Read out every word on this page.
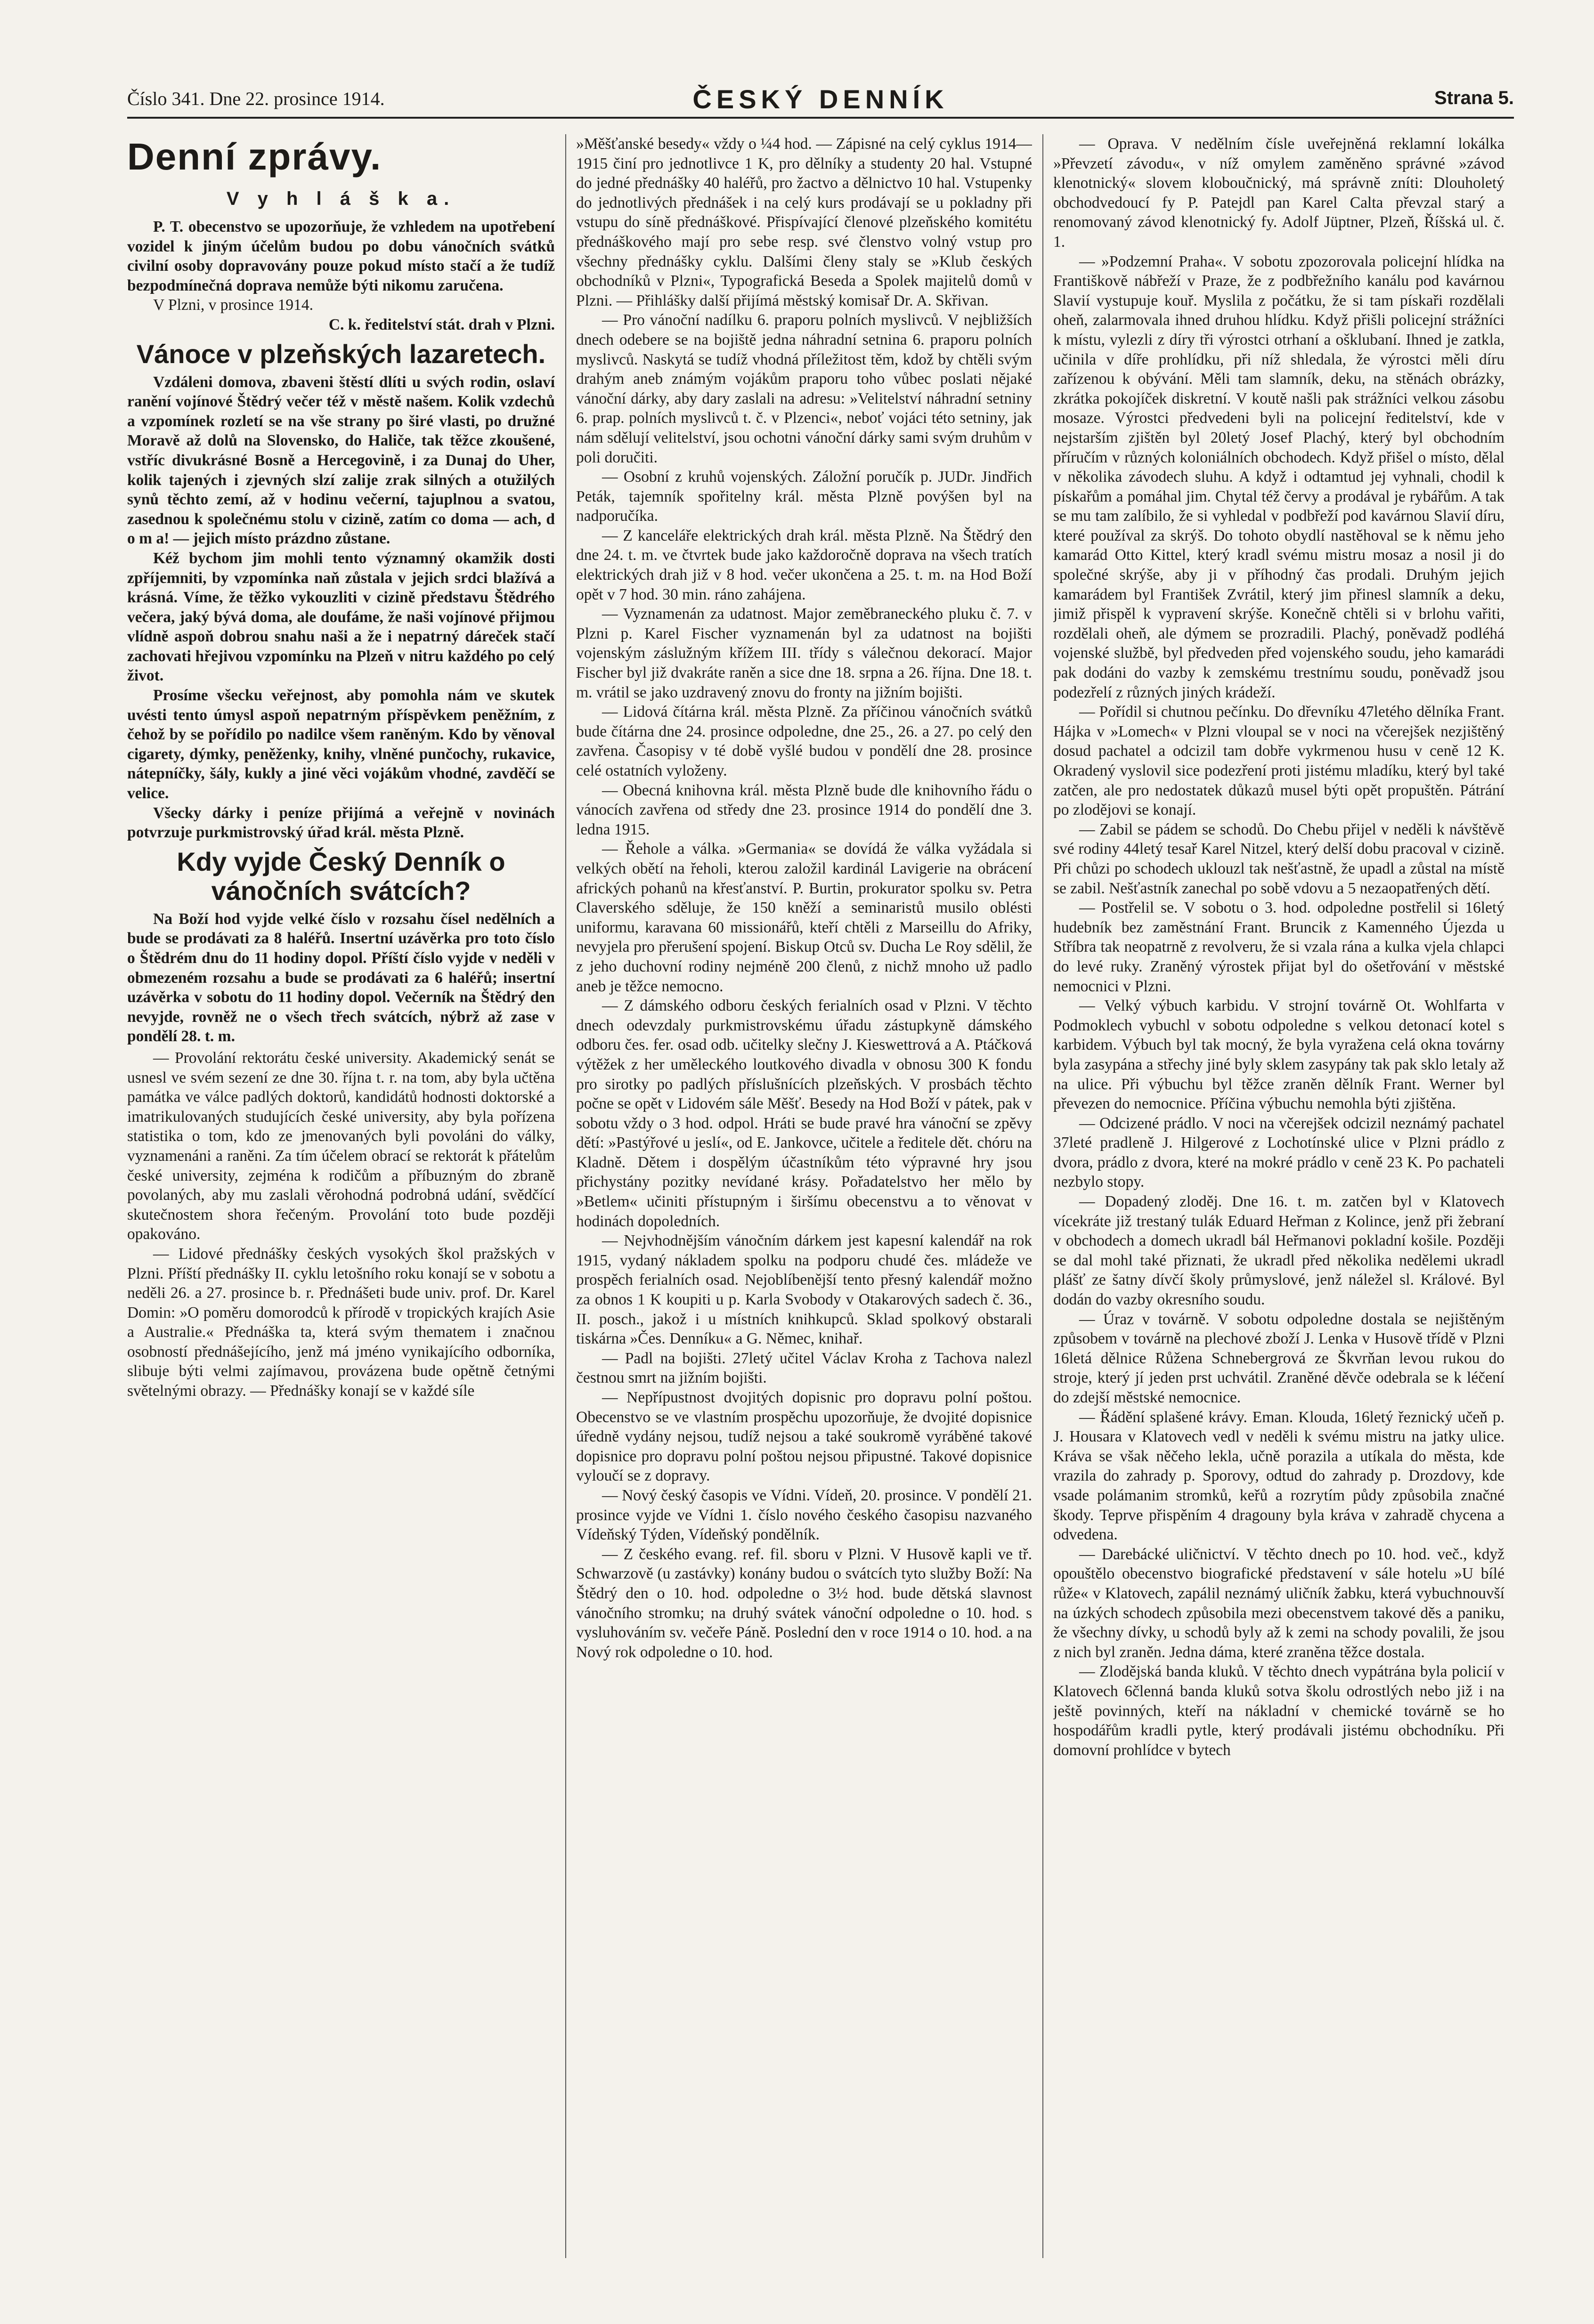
Číslo 341. Dne 22. prosince 1914.	ČESKÝ DENNÍK	Strana 5.
Denní zprávy.
V y h l á š k a.

P. T. obecenstvo se upozorňuje, že vzhledem na upotřebení vozidel k jiným účelům budou po dobu vánočních svátků civilní osoby dopravovány pouze pokud místo stačí a že tudíž bezpodmínečná doprava nemůže býti nikomu zaručena.

V Plzni, v prosince 1914.

C. k. ředitelství stát. drah v Plzni.

Vánoce v plzeňských lazaretech.

Vzdáleni domova, zbaveni štěstí dlíti u svých rodin, oslaví ranění vojínové Štědrý večer též v městě našem. Kolik vzdechů a vzpomínek rozletí se na vše strany po širé vlasti, po družné Moravě až dolů na Slovensko, do Haliče, tak těžce zkoušené, vstříc divukrásné Bosně a Hercegovině, i za Dunaj do Uher, kolik tajených i zjevných slzí zalije zrak silných a otužilých synů těchto zemí, až v hodinu večerní, tajuplnou a svatou, zasednou k společnému stolu v cizině, zatím co doma — ach, d o m a! — jejich místo prázdno zůstane.

Kéž bychom jim mohli tento významný okamžik dosti zpříjemniti, by vzpomínka naň zůstala v jejich srdci blažívá a krásná. Víme, že těžko vykouzliti v cizině představu Štědrého večera, jaký bývá doma, ale doufáme, že naši vojínové přijmou vlídně aspoň dobrou snahu naši a že i nepatrný dáreček stačí zachovati hřejivou vzpomínku na Plzeň v nitru každého po celý život.

Prosíme všecku veřejnost, aby pomohla nám ve skutek uvésti tento úmysl aspoň nepatrným příspěvkem peněžním, z čehož by se pořídilo po nadilce všem raněným. Kdo by věnoval cigarety, dýmky, peněženky, knihy, vlněné punčochy, rukavice, nátepníčky, šály, kukly a jiné věci vojákům vhodné, zavděčí se velice.

Všecky dárky i peníze přijímá a veřejně v novinách potvrzuje purkmistrovský úřad král. města Plzně.

Kdy vyjde Český Denník o vánočních svátcích?

Na Boží hod vyjde velké číslo v rozsahu čísel nedělních a bude se prodávati za 8 haléřů. Insertní uzávěrka pro toto číslo o Štědrém dnu do 11 hodiny dopol. Příští číslo vyjde v neděli v obmezeném rozsahu a bude se prodávati za 6 haléřů; insertní uzávěrka v sobotu do 11 hodiny dopol. Večerník na Štědrý den nevyjde, rovněž ne o všech třech svátcích, nýbrž až zase v pondělí 28. t. m.

— Provolání rektorátu české university. Akademický senát se usnesl ve svém sezení ze dne 30. října t. r. na tom, aby byla učtěna památka ve válce padlých doktorů, kandidátů hodnosti doktorské a imatrikulovaných studujících české university, aby byla pořízena statistika o tom, kdo ze jmenovaných byli povoláni do války, vyznamenáni a raněni. Za tím účelem obrací se rektorát k přátelům české university, zejména k rodičům a příbuzným do zbraně povolaných, aby mu zaslali věrohodná podrobná udání, svědčící skutečnostem shora řečeným. Provolání toto bude později opakováno.

— Lidové přednášky českých vysokých škol pražských v Plzni. Příští přednášky II. cyklu letošního roku konají se v sobotu a neděli 26. a 27. prosince b. r. Přednášeti bude univ. prof. Dr. Karel Domin: »O poměru domorodců k přírodě v tropických krajích Asie a Australie.« Přednáška ta, která svým thematem i značnou osobností přednášejícího, jenž má jméno vynikajícího odborníka, slibuje býti velmi zajímavou, provázena bude opětně četnými světelnými obrazy. — Přednášky konají se v každé síle

»Měšťanské besedy« vždy o ¼4 hod. — Zápisné na celý cyklus 1914—1915 činí pro jednotlivce 1 K, pro dělníky a studenty 20 hal. Vstupné do jedné přednášky 40 haléřů, pro žactvo a dělnictvo 10 hal. Vstupenky do jednotlivých přednášek i na celý kurs prodávají se u pokladny při vstupu do síně přednáškové. Přispívající členové plzeňského komitétu přednáškového mají pro sebe resp. své členstvo volný vstup pro všechny přednášky cyklu. Dalšími členy staly se »Klub českých obchodníků v Plzni«, Typografická Beseda a Spolek majitelů domů v Plzni. — Přihlášky další přijímá městský komisař Dr. A. Skřivan.

— Pro vánoční nadílku 6. praporu polních myslivců. V nejbližších dnech odebere se na bojiště jedna náhradní setnina 6. praporu polních myslivců. Naskytá se tudíž vhodná příležitost těm, kdož by chtěli svým drahým aneb známým vojákům praporu toho vůbec poslati nějaké vánoční dárky, aby dary zaslali na adresu: »Velitelství náhradní setniny 6. prap. polních myslivců t. č. v Plzenci«, neboť vojáci této setniny, jak nám sdělují velitelství, jsou ochotni vánoční dárky sami svým druhům v poli doručiti.

— Osobní z kruhů vojenských. Záložní poručík p. JUDr. Jindřich Peták, tajemník spořitelny král. města Plzně povýšen byl na nadporučíka.

— Z kanceláře elektrických drah král. města Plzně. Na Štědrý den dne 24. t. m. ve čtvrtek bude jako každoročně doprava na všech tratích elektrických drah již v 8 hod. večer ukončena a 25. t. m. na Hod Boží opět v 7 hod. 30 min. ráno zahájena.

— Vyznamenán za udatnost. Major zeměbraneckého pluku č. 7. v Plzni p. Karel Fischer vyznamenán byl za udatnost na bojišti vojenským záslužným křížem III. třídy s válečnou dekorací. Major Fischer byl již dvakráte raněn a sice dne 18. srpna a 26. října. Dne 18. t. m. vrátil se jako uzdravený znovu do fronty na jižním bojišti.

— Lidová čítárna král. města Plzně. Za příčinou vánočních svátků bude čítárna dne 24. prosince odpoledne, dne 25., 26. a 27. po celý den zavřena. Časopisy v té době vyšlé budou v pondělí dne 28. prosince celé ostatních vyloženy.

— Obecná knihovna král. města Plzně bude dle knihovního řádu o vánocích zavřena od středy dne 23. prosince 1914 do pondělí dne 3. ledna 1915.

— Řehole a válka. »Germania« se dovídá že válka vyžádala si velkých obětí na řeholi, kterou založil kardinál Lavigerie na obrácení afrických pohanů na křesťanství. P. Burtin, prokurator spolku sv. Petra Claverského sděluje, že 150 kněží a seminaristů musilo oblésti uniformu, karavana 60 missionářů, kteří chtěli z Marseillu do Afriky, nevyjela pro přerušení spojení. Biskup Otců sv. Ducha Le Roy sdělil, že z jeho duchovní rodiny nejméně 200 členů, z nichž mnoho už padlo aneb je těžce nemocno.

— Z dámského odboru českých ferialních osad v Plzni. V těchto dnech odevzdaly purkmistrovskému úřadu zástupkyně dámského odboru čes. fer. osad odb. učitelky slečny J. Kieswettrová a A. Ptáčková výtěžek z her uměleckého loutkového divadla v obnosu 300 K fondu pro sirotky po padlých příslušnících plzeňských. V prosbách těchto počne se opět v Lidovém sále Měšť. Besedy na Hod Boží v pátek, pak v sobotu vždy o 3 hod. odpol. Hráti se bude pravé hra vánoční se zpěvy dětí: »Pastýřové u jeslí«, od E. Jankovce, učitele a ředitele dět. chóru na Kladně. Dětem i dospělým účastníkům této výpravné hry jsou přichystány pozitky nevídané krásy. Pořadatelstvo her mělo by »Betlem« učiniti přístupným i širšímu obecenstvu a to věnovat v hodinách dopoledních.

— Nejvhodnějším vánočním dárkem jest kapesní kalendář na rok 1915, vydaný nákladem spolku na podporu chudé čes. mládeže ve prospěch ferialních osad. Nejoblíbenější tento přesný kalendář možno za obnos 1 K koupiti u p. Karla Svobody v Otakarových sadech č. 36., II. posch., jakož i u místních knihkupců. Sklad spolkový obstarali tiskárna »Čes. Denníku« a G. Němec, knihař.

— Padl na bojišti. 27letý učitel Václav Kroha z Tachova nalezl čestnou smrt na jižním bojišti.

— Nepřípustnost dvojitých dopisnic pro dopravu polní poštou. Obecenstvo se ve vlastním prospěchu upozorňuje, že dvojité dopisnice úředně vydány nejsou, tudíž nejsou a také soukromě vyráběné takové dopisnice pro dopravu polní poštou nejsou připustné. Takové dopisnice vyloučí se z dopravy.

— Nový český časopis ve Vídni. Vídeň, 20. prosince. V pondělí 21. prosince vyjde ve Vídni 1. číslo nového českého časopisu nazvaného Vídeňský Týden, Vídeňský pondělník.

— Z českého evang. ref. fil. sboru v Plzni. V Husově kapli ve tř. Schwarzově (u zastávky) konány budou o svátcích tyto služby Boží: Na Štědrý den o 10. hod. odpoledne o 3½ hod. bude dětská slavnost vánočního stromku; na druhý svátek vánoční odpoledne o 10. hod. s vysluhováním sv. večeře Páně. Poslední den v roce 1914 o 10. hod. a na Nový rok odpoledne o 10. hod.

— Oprava. V nedělním čísle uveřejněná reklamní lokálka »Převzetí závodu«, v níž omylem zaměněno správné »závod klenotnický« slovem kloboučnický, má správně zníti: Dlouholetý obchodvedoucí fy P. Patejdl pan Karel Calta převzal starý a renomovaný závod klenotnický fy. Adolf Jüptner, Plzeň, Říšská ul. č. 1.

— »Podzemní Praha«. V sobotu zpozorovala policejní hlídka na Františkově nábřeží v Praze, že z podbřežního kanálu pod kavárnou Slavií vystupuje kouř. Myslila z počátku, že si tam pískaři rozdělali oheň, zalarmovala ihned druhou hlídku. Když přišli policejní strážníci k místu, vylezli z díry tři výrostci otrhaní a ošklubaní. Ihned je zatkla, učinila v díře prohlídku, při níž shledala, že výrostci měli díru zařízenou k obývání. Měli tam slamník, deku, na stěnách obrázky, zkrátka pokojíček diskretní. V koutě našli pak strážníci velkou zásobu mosaze. Výrostci předvedeni byli na policejní ředitelství, kde v nejstarším zjištěn byl 20letý Josef Plachý, který byl obchodním příručím v různých koloniálních obchodech. Když přišel o místo, dělal v několika závodech sluhu. A když i odtamtud jej vyhnali, chodil k pískařům a pomáhal jim. Chytal též červy a prodával je rybářům. A tak se mu tam zalíbilo, že si vyhledal v podbřeží pod kavárnou Slavií díru, které používal za skrýš. Do tohoto obydlí nastěhoval se k němu jeho kamarád Otto Kittel, který kradl svému mistru mosaz a nosil ji do společné skrýše, aby ji v příhodný čas prodali. Druhým jejich kamarádem byl František Zvrátil, který jim přinesl slamník a deku, jimiž přispěl k vypravení skrýše. Konečně chtěli si v brlohu vařiti, rozdělali oheň, ale dýmem se prozradili. Plachý, poněvadž podléhá vojenské službě, byl předveden před vojenského soudu, jeho kamarádi pak dodáni do vazby k zemskému trestnímu soudu, poněvadž jsou podezřelí z různých jiných krádeží.

— Pořídil si chutnou pečínku. Do dřevníku 47letého dělníka Frant. Hájka v »Lomech« v Plzni vloupal se v noci na včerejšek nezjištěný dosud pachatel a odcizil tam dobře vykrmenou husu v ceně 12 K. Okradený vyslovil sice podezření proti jistému mladíku, který byl také zatčen, ale pro nedostatek důkazů musel býti opět propuštěn. Pátrání po zlodějovi se konají.

— Zabil se pádem se schodů. Do Chebu přijel v neděli k návštěvě své rodiny 44letý tesař Karel Nitzel, který delší dobu pracoval v cizině. Při chůzi po schodech uklouzl tak nešťastně, že upadl a zůstal na místě se zabil. Nešťastník zanechal po sobě vdovu a 5 nezaopatřených dětí.

— Postřelil se. V sobotu o 3. hod. odpoledne postřelil si 16letý hudebník bez zaměstnání Frant. Bruncik z Kamenného Újezda u Stříbra tak neopatrně z revolveru, že si vzala rána a kulka vjela chlapci do levé ruky. Zraněný výrostek přijat byl do ošetřování v městské nemocnici v Plzni.

— Velký výbuch karbidu. V strojní továrně Ot. Wohlfarta v Podmoklech vybuchl v sobotu odpoledne s velkou detonací kotel s karbidem. Výbuch byl tak mocný, že byla vyražena celá okna továrny byla zasypána a střechy jiné byly sklem zasypány tak pak sklo letaly až na ulice. Při výbuchu byl těžce zraněn dělník Frant. Werner byl převezen do nemocnice. Příčina výbuchu nemohla býti zjištěna.

— Odcizené prádlo. V noci na včerejšek odcizil neznámý pachatel 37leté pradleně J. Hilgerové z Lochotínské ulice v Plzni prádlo z dvora, prádlo z dvora, které na mokré prádlo v ceně 23 K. Po pachateli nezbylo stopy.

— Dopadený zloděj. Dne 16. t. m. zatčen byl v Klatovech vícekráte již trestaný tulák Eduard Heřman z Kolince, jenž při žebraní v obchodech a domech ukradl bál Heřmanovi pokladní košile. Později se dal mohl také přiznati, že ukradl před několika nedělemi ukradl plášť ze šatny dívčí školy průmyslové, jenž náležel sl. Králové. Byl dodán do vazby okresního soudu.

— Úraz v továrně. V sobotu odpoledne dostala se nejištěným způsobem v továrně na plechové zboží J. Lenka v Husově třídě v Plzni 16letá dělnice Růžena Schnebergrová ze Škvrňan levou rukou do stroje, který jí jeden prst uchvátil. Zraněné děvče odebrala se k léčení do zdejší městské nemocnice.

— Řádění splašené krávy. Eman. Klouda, 16letý řeznický učeň p. J. Housara v Klatovech vedl v neděli k svému mistru na jatky ulice. Kráva se však něčeho lekla, učně porazila a utíkala do města, kde vrazila do zahrady p. Sporovy, odtud do zahrady p. Drozdovy, kde vsade polámanim stromků, keřů a rozrytím půdy způsobila značné škody. Teprve přispěním 4 dragouny byla kráva v zahradě chycena a odvedena.

— Darebácké uličnictví. V těchto dnech po 10. hod. več., když opouštělo obecenstvo biografické představení v sále hotelu »U bílé růže« v Klatovech, zapálil neznámý uličník žabku, která vybuchnouvší na úzkých schodech způsobila mezi obecenstvem takové děs a paniku, že všechny dívky, u schodů byly až k zemi na schody povalili, že jsou z nich byl zraněn. Jedna dáma, které zraněna těžce dostala.

— Zlodějská banda kluků. V těchto dnech vypátrána byla policií v Klatovech 6členná banda kluků sotva školu odrostlých nebo již i na ještě povinných, kteří na nákladní v chemické továrně se ho hospodářům kradli pytle, který prodávali jistému obchodníku. Při domovní prohlídce v bytech
